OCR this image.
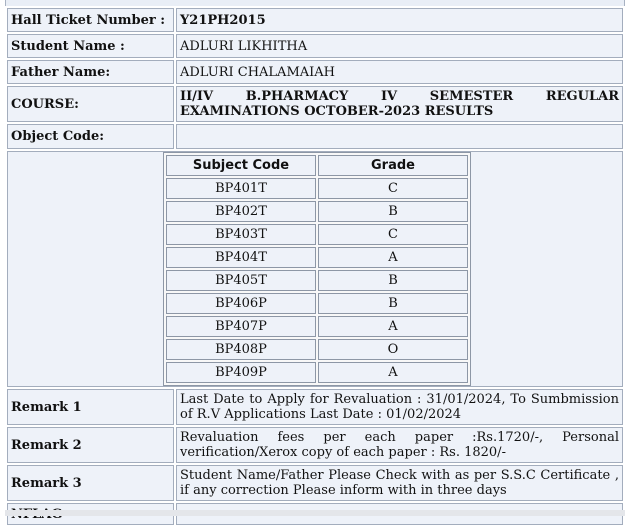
Hall Ticket Number :	Y21PH2015
Student Name :	ADLURI LIKHITHA
Father Name:	ADLURI CHALAMAIAH
COURSE:	II/IV B.PHARMACY IV SEMESTER REGULAR EXAMINATIONS OCTOBER-2023 RESULTS
Object Code:	

Subject Code	Grade
BP401T	C
BP402T	B
BP403T	C
BP404T	A
BP405T	B
BP406P	B
BP407P	A
BP408P	O
BP409P	A

Remark 1	Last Date to Apply for Revaluation : 31/01/2024, To Sumbmission of R.V Applications Last Date : 01/02/2024
Remark 2	Revaluation fees per each paper :Rs.1720/-, Personal verification/Xerox copy of each paper : Rs. 1820/-
Remark 3	Student Name/Father Please Check with as per S.S.C Certificate , if any correction Please inform with in three days
